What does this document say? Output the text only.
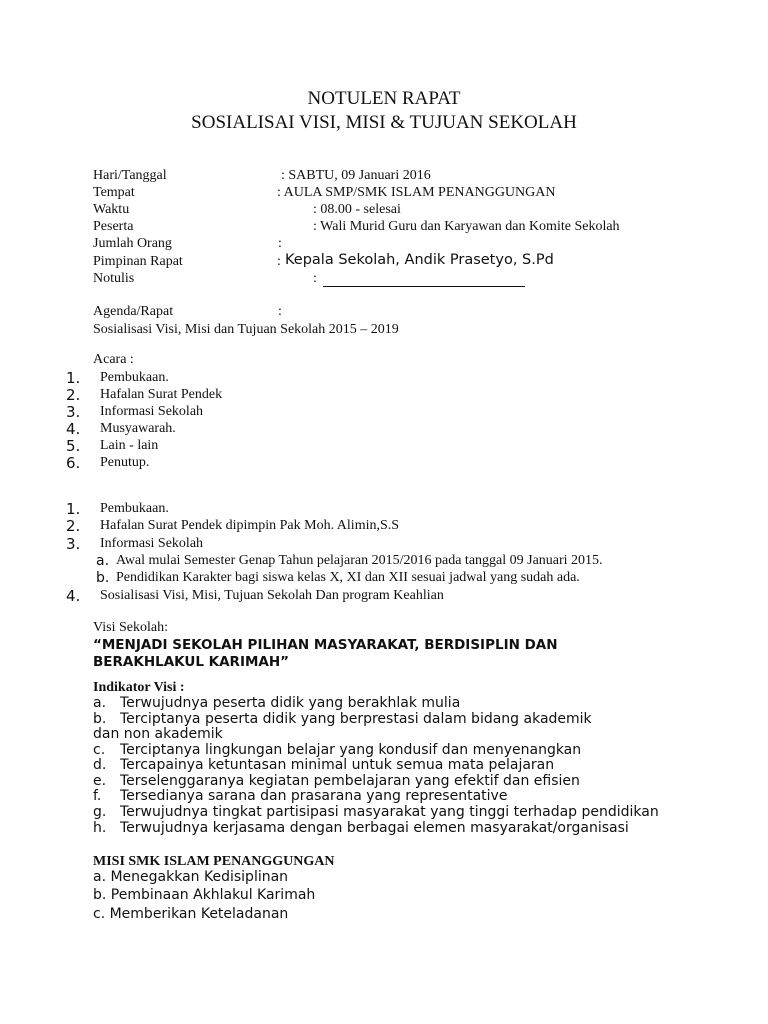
NOTULEN RAPAT
SOSIALISAI VISI, MISI & TUJUAN SEKOLAH
Hari/Tanggal	: SABTU, 09 Januari 2016
Tempat	: AULA SMP/SMK ISLAM PENANGGUNGAN
Waktu	: 08.00 - selesai
Peserta	: Wali Murid Guru dan Karyawan dan Komite Sekolah
Jumlah Orang	:
Pimpinan Rapat	: Kepala Sekolah, Andik Prasetyo, S.Pd
Notulis	:
Agenda/Rapat	:
Sosialisasi Visi, Misi dan Tujuan Sekolah 2015 – 2019
Acara :
1. Pembukaan.
2. Hafalan Surat Pendek
3. Informasi Sekolah
4. Musyawarah.
5. Lain - lain
6. Penutup.
1. Pembukaan.
2. Hafalan Surat Pendek dipimpin Pak Moh. Alimin,S.S
3. Informasi Sekolah
a. Awal mulai Semester Genap Tahun pelajaran 2015/2016 pada tanggal 09 Januari 2015.
b. Pendidikan Karakter bagi siswa kelas X, XI dan XII sesuai jadwal yang sudah ada.
4. Sosialisasi Visi, Misi, Tujuan Sekolah Dan program Keahlian
Visi Sekolah:
“MENJADI SEKOLAH PILIHAN MASYARAKAT, BERDISIPLIN DAN
BERAKHLAKUL KARIMAH”
Indikator Visi :
a. Terwujudnya peserta didik yang berakhlak mulia
b. Terciptanya peserta didik yang berprestasi dalam bidang akademik
dan non akademik
c. Terciptanya lingkungan belajar yang kondusif dan menyenangkan
d. Tercapainya ketuntasan minimal untuk semua mata pelajaran
e. Terselenggaranya kegiatan pembelajaran yang efektif dan efisien
f. Tersedianya sarana dan prasarana yang representative
g. Terwujudnya tingkat partisipasi masyarakat yang tinggi terhadap pendidikan
h. Terwujudnya kerjasama dengan berbagai elemen masyarakat/organisasi
MISI SMK ISLAM PENANGGUNGAN
a. Menegakkan Kedisiplinan
b. Pembinaan Akhlakul Karimah
c. Memberikan Keteladanan
